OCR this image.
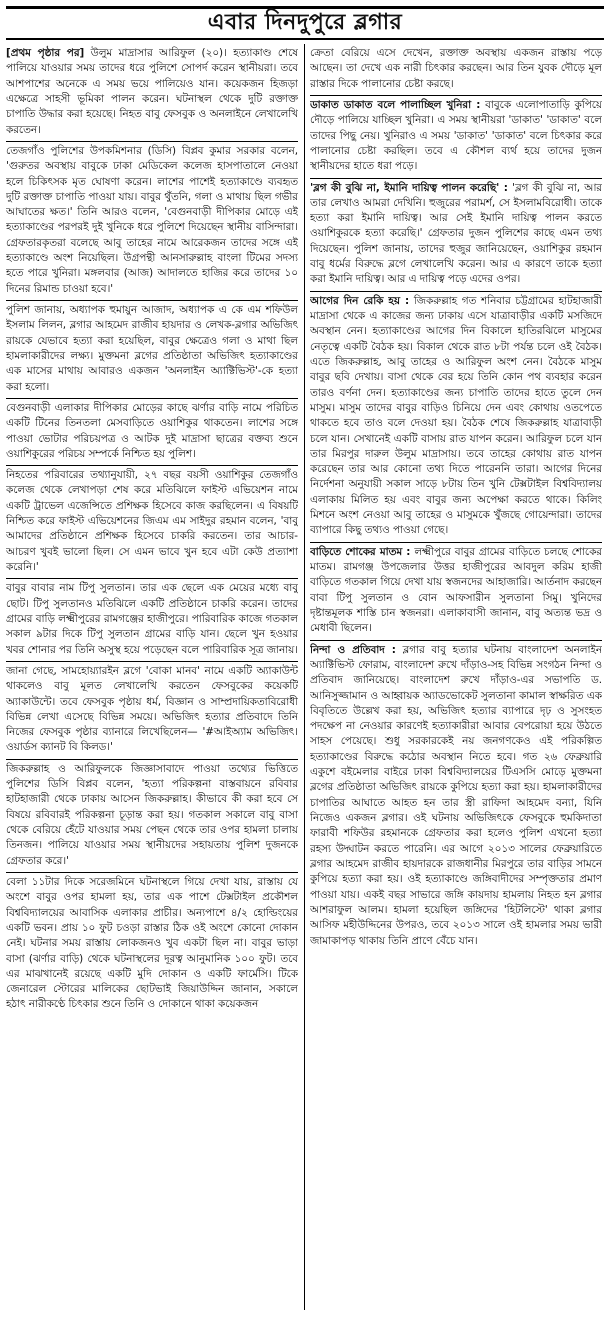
এবার দিনদুপুরে ব্লগার

[প্রথম পৃষ্ঠার পর] উলুম মাদ্রাসার আরিফুল (২০)। হত্যাকাণ্ড শেষে পালিয়ে যাওয়ার সময় তাদের ধরে পুলিশে সোপর্দ করেন স্থানীয়রা। তবে আশপাশের অনেকে এ সময় ভয়ে পালিয়েও যান। কয়েকজন হিজড়া এক্ষেত্রে সাহসী ভূমিকা পালন করেন। ঘটনাস্থল থেকে দুটি রক্তাক্ত চাপাতি উদ্ধার করা হয়েছে। নিহত বাবু ফেসবুক ও অনলাইনে লেখালেখি করতেন।

তেজগাঁও পুলিশের উপকমিশনার (ডিসি) বিপ্লব কুমার সরকার বলেন, 'গুরুতর অবস্থায় বাবুকে ঢাকা মেডিকেল কলেজ হাসপাতালে নেওয়া হলে চিকিৎসক মৃত ঘোষণা করেন। লাশের পাশেই হত্যাকাণ্ডে ব্যবহৃত দুটি রক্তাক্ত চাপাতি পাওয়া যায়। বাবুর থুঁতনি, গলা ও মাথায় ছিল গভীর আঘাতের ক্ষত।' তিনি আরও বলেন, 'বেগুনবাড়ী দীপিকার মোড়ে এই হত্যাকাণ্ডের পরপরই দুই খুনিকে ধরে পুলিশে দিয়েছেন স্থানীয় বাসিন্দারা। গ্রেফতারকৃতরা বলেছে আবু তাহের নামে আরেকজন তাদের সঙ্গে এই হত্যাকাণ্ডে অংশ নিয়েছিল। উগ্রপন্থী আনসারুল্লাহ বাংলা টিমের সদস্য হতে পারে খুনিরা। মঙ্গলবার (আজ) আদালতে হাজির করে তাদের ১০ দিনের রিমান্ড চাওয়া হবে।'

পুলিশ জানায়, অধ্যাপক হুমায়ুন আজাদ, অধ্যাপক এ কে এম শফিউল ইসলাম লিলন, ব্লগার আহমেদ রাজীব হায়দার ও লেখক-ব্লগার অভিজিৎ রায়কে যেভাবে হত্যা করা হয়েছিল, বাবুর ক্ষেত্রেও গলা ও মাথা ছিল হামলাকারীদের লক্ষ্য। মুক্তমনা ব্লগের প্রতিষ্ঠাতা অভিজিৎ হত্যাকাণ্ডের এক মাসের মাথায় আবারও একজন 'অনলাইন অ্যাক্টিভিস্ট'-কে হত্যা করা হলো।

বেগুনবাড়ী এলাকার দীপিকার মোড়ের কাছে ঝর্ণার বাড়ি নামে পরিচিত একটি টিনের তিনতলা মেসবাড়িতে ওয়াশিকুর থাকতেন। লাশের সঙ্গে পাওয়া ভোটার পরিচয়পত্র ও আটক দুই মাদ্রাসা ছাত্রের বক্তব্য শুনে ওয়াশিকুরের পরিচয় সম্পর্কে নিশ্চিত হয় পুলিশ।

নিহতের পরিবারের তথ্যানুযায়ী, ২৭ বছর বয়সী ওয়াশিকুর তেজগাঁও কলেজ থেকে লেখাপড়া শেষ করে মতিঝিলে ফাইস্ট এভিয়েশন নামে একটি ট্রাভেল এজেন্সিতে প্রশিক্ষক হিসেবে কাজ করছিলেন। এ বিষয়টি নিশ্চিত করে ফাইস্ট এভিয়েশনের জিএম এম সাইদুর রহমান বলেন, 'বাবু আমাদের প্রতিষ্ঠানে প্রশিক্ষক হিসেবে চাকরি করতেন। তার আচার-আচরণ খুবই ভালো ছিল। সে এমন ভাবে খুন হবে এটা কেউ প্রত্যাশা করেনি।'

বাবুর বাবার নাম টিপু সুলতান। তার এক ছেলে এক মেয়ের মধ্যে বাবু ছোট। টিপু সুলতানও মতিঝিলে একটি প্রতিষ্ঠানে চাকরি করেন। তাদের গ্রামের বাড়ি লক্ষ্মীপুরের রামগঞ্জের হাজীপুরে। পারিবারিক কাজে গতকাল সকাল ৯টার দিকে টিপু সুলতান গ্রামের বাড়ি যান। ছেলে খুন হওয়ার খবর শোনার পর তিনি অসুস্থ হয়ে পড়েছেন বলে পারিবারিক সূত্র জানায়।

জানা গেছে, সামহোয়্যারইন ব্লগে 'বোকা মানব' নামে একটি অ্যাকাউন্ট থাকলেও বাবু মূলত লেখালেখি করতেন ফেসবুকের কয়েকটি অ্যাকাউন্টে। তবে ফেসবুক পৃষ্ঠায় ধর্ম, বিজ্ঞান ও সাম্প্রদায়িকতাবিরোধী বিভিন্ন লেখা এসেছে বিভিন্ন সময়ে। অভিজিৎ হত্যার প্রতিবাদে তিনি নিজের ফেসবুক পৃষ্ঠার ব্যানারে লিখেছিলেন— '#আইঅ্যাম অভিজিৎ। ওয়ার্ডস ক্যানট বি কিলড।'

জিকরুল্লাহ ও আরিফুলকে জিজ্ঞাসাবাদে পাওয়া তথ্যের ভিত্তিতে পুলিশের ডিসি বিপ্লব বলেন, 'হত্যা পরিকল্পনা বাস্তবায়নে রবিবার হাটহাজারী থেকে ঢাকায় আসেন জিকরুল্লাহ। কীভাবে কী করা হবে সে বিষয়ে রবিবারই পরিকল্পনা চূড়ান্ত করা হয়। গতকাল সকালে বাবু বাসা থেকে বেরিয়ে হেঁটে যাওয়ার সময় পেছন থেকে তার ওপর হামলা চালায় তিনজন। পালিয়ে যাওয়ার সময় স্থানীয়দের সহায়তায় পুলিশ দুজনকে গ্রেফতার করে।'

বেলা ১১টার দিকে সরেজমিনে ঘটনাস্থলে গিয়ে দেখা যায়, রাস্তায় যে অংশে বাবুর ওপর হামলা হয়, তার এক পাশে টেক্সটাইল প্রকৌশল বিশ্ববিদ্যালয়ের আবাসিক এলাকার প্রাচীর। অন্যপাশে ৪/২ হোল্ডিংয়ের একটি ভবন। প্রায় ১০ ফুট চওড়া রাস্তার ঠিক ওই অংশে কোনো দোকান নেই। ঘটনার সময় রাস্তায় লোকজনও খুব একটা ছিল না। বাবুর ভাড়া বাসা (ঝর্ণার বাড়ি) থেকে ঘটনাস্থলের দূরত্ব আনুমানিক ১০০ ফুট। তবে এর মাঝখানেই রয়েছে একটি মুদি দোকান ও একটি ফার্মেসি। টিকে জেনারেল স্টোরের মালিকের ছোটভাই জিয়াউদ্দিন জানান, সকালে হঠাৎ নারীকণ্ঠে চিৎকার শুনে তিনি ও দোকানে থাকা কয়েকজন

ক্রেতা বেরিয়ে এসে দেখেন, রক্তাক্ত অবস্থায় একজন রাস্তায় পড়ে আছেন। তা দেখে এক নারী চিৎকার করছেন। আর তিন যুবক দৌড়ে মূল রাস্তার দিকে পালানোর চেষ্টা করছে।

ডাকাত ডাকাত বলে পালাচ্ছিল খুনিরা : বাবুকে এলোপাতাড়ি কুপিয়ে দৌড়ে পালিয়ে যাচ্ছিল খুনিরা। এ সময় স্থানীয়রা 'ডাকাত' 'ডাকাত' বলে তাদের পিছু নেয়। খুনিরাও এ সময় 'ডাকাত' 'ডাকাত' বলে চিৎকার করে পালানোর চেষ্টা করছিল। তবে এ কৌশল ব্যর্থ হয়ে তাদের দুজন স্থানীয়দের হাতে ধরা পড়ে।

'ব্লগ কী বুঝি না, ইমানি দায়িত্ব পালন করেছি' : 'ব্লগ কী বুঝি না, আর তার লেখাও আমরা দেখিনি। হুজুরের পরামর্শ, সে ইসলামবিরোধী। তাকে হত্যা করা ইমানি দায়িত্ব। আর সেই ইমানি দায়িত্ব পালন করতে ওয়াশিকুরকে হত্যা করেছি।' গ্রেফতার দুজন পুলিশের কাছে এমন তথ্য দিয়েছেন। পুলিশ জানায়, তাদের হুজুর জানিয়েছেন, ওয়াশিকুর রহমান বাবু ধর্মের বিরুদ্ধে ব্লগে লেখালেখি করেন। আর এ কারণে তাকে হত্যা করা ইমানি দায়িত্ব। আর এ দায়িত্ব পড়ে এদের ওপর।

আগের দিন রেকি হয় : জিকরুল্লাহ গত শনিবার চট্টগ্রামের হাটহাজারী মাদ্রাসা থেকে এ কাজের জন্য ঢাকায় এসে যাত্রাবাড়ীর একটি মসজিদে অবস্থান নেন। হত্যাকাণ্ডের আগের দিন বিকালে হাতিরঝিলে মাসুমের নেতৃত্বে একটি বৈঠক হয়। বিকাল থেকে রাত ৮টা পর্যন্ত চলে ওই বৈঠক। এতে জিকরুল্লাহ, আবু তাহের ও আরিফুল অংশ নেন। বৈঠকে মাসুম বাবুর ছবি দেখায়। বাসা থেকে বের হয়ে তিনি কোন পথ ব্যবহার করেন তারও বর্ণনা দেন। হত্যাকাণ্ডের জন্য চাপাতি তাদের হাতে তুলে দেন মাসুম। মাসুম তাদের বাবুর বাড়িও চিনিয়ে দেন এবং কোথায় ওতপেতে থাকতে হবে তাও বলে দেওয়া হয়। বৈঠক শেষে জিকরুল্লাহ যাত্রাবাড়ী চলে যান। সেখানেই একটি বাসায় রাত যাপন করেন। আরিফুল চলে যান তার মিরপুর দারুল উলুম মাদ্রাসায়। তবে তাহের কোথায় রাত যাপন করেছেন তার আর কোনো তথ্য দিতে পারেননি তারা। আগের দিনের নির্দেশনা অনুযায়ী সকাল সাড়ে ৮টায় তিন খুনি টেক্সটাইল বিশ্ববিদ্যালয় এলাকায় মিলিত হয় এবং বাবুর জন্য অপেক্ষা করতে থাকে। কিলিং মিশনে অংশ নেওয়া আবু তাহের ও মাসুমকে খুঁজছে গোয়েন্দারা। তাদের ব্যাপারে কিছু তথ্যও পাওয়া গেছে।

বাড়িতে শোকের মাতম : লক্ষ্মীপুরে বাবুর গ্রামের বাড়িতে চলছে শোকের মাতম। রামগঞ্জ উপজেলার উত্তর হাজীপুরের আবদুল করিম হাজী বাড়িতে গতকাল গিয়ে দেখা যায় স্বজনদের আহাজারি। আর্তনাদ করছেন বাবা টিপু সুলতান ও বোন আফসারীন সুলতানা সিমু। খুনিদের দৃষ্টান্তমূলক শাস্তি চান স্বজনরা। এলাকাবাসী জানান, বাবু অত্যন্ত ভদ্র ও মেধাবী ছিলেন।

নিন্দা ও প্রতিবাদ : ব্লগার বাবু হত্যার ঘটনায় বাংলাদেশ অনলাইন অ্যাক্টিভিস্ট ফোরাম, বাংলাদেশ রুখে দাঁড়াও-সহ বিভিন্ন সংগঠন নিন্দা ও প্রতিবাদ জানিয়েছে। বাংলাদেশ রুখে দাঁড়াও-এর সভাপতি ড. আনিসুজ্জামান ও আহ্বায়ক অ্যাডভোকেট সুলতানা কামাল স্বাক্ষরিত এক বিবৃতিতে উল্লেখ করা হয়, অভিজিৎ হত্যার ব্যাপারে দৃঢ় ও সুসংহত পদক্ষেপ না নেওয়ার কারণেই হত্যাকারীরা আবার বেপরোয়া হয়ে উঠতে সাহস পেয়েছে। শুধু সরকারকেই নয় জনগণকেও এই পরিকল্পিত হত্যাকাণ্ডের বিরুদ্ধে কঠোর অবস্থান নিতে হবে। গত ২৬ ফেব্রুয়ারি একুশে বইমেলার বাইরে ঢাকা বিশ্ববিদ্যালয়ের টিএসসি মোড়ে মুক্তমনা ব্লগের প্রতিষ্ঠাতা অভিজিৎ রায়কে কুপিয়ে হত্যা করা হয়। হামলাকারীদের চাপাতির আঘাতে আহত হন তার স্ত্রী রাফিদা আহমেদ বন্যা, যিনি নিজেও একজন ব্লগার। ওই ঘটনায় অভিজিৎকে ফেসবুকে হুমকিদাতা ফারাবী শফিউর রহমানকে গ্রেফতার করা হলেও পুলিশ এখনো হত্যা রহস্য উদ্ঘাটন করতে পারেনি। এর আগে ২০১৩ সালের ফেব্রুয়ারিতে ব্লগার আহমেদ রাজীব হায়দারকে রাজধানীর মিরপুরে তার বাড়ির সামনে কুপিয়ে হত্যা করা হয়। ওই হত্যাকাণ্ডে জঙ্গিবাদীদের সম্পৃক্ততার প্রমাণ পাওয়া যায়। একই বছর সাভারে জঙ্গি কায়দায় হামলায় নিহত হন ব্লগার আশরাফুল আলম। হামলা হয়েছিল জঙ্গিদের 'হিটলিস্টে' থাকা ব্লগার আসিফ মহীউদ্দিনের উপরও, তবে ২০১৩ সালে ওই হামলার সময় ভারী জামাকাপড় থাকায় তিনি প্রাণে বেঁচে যান।
